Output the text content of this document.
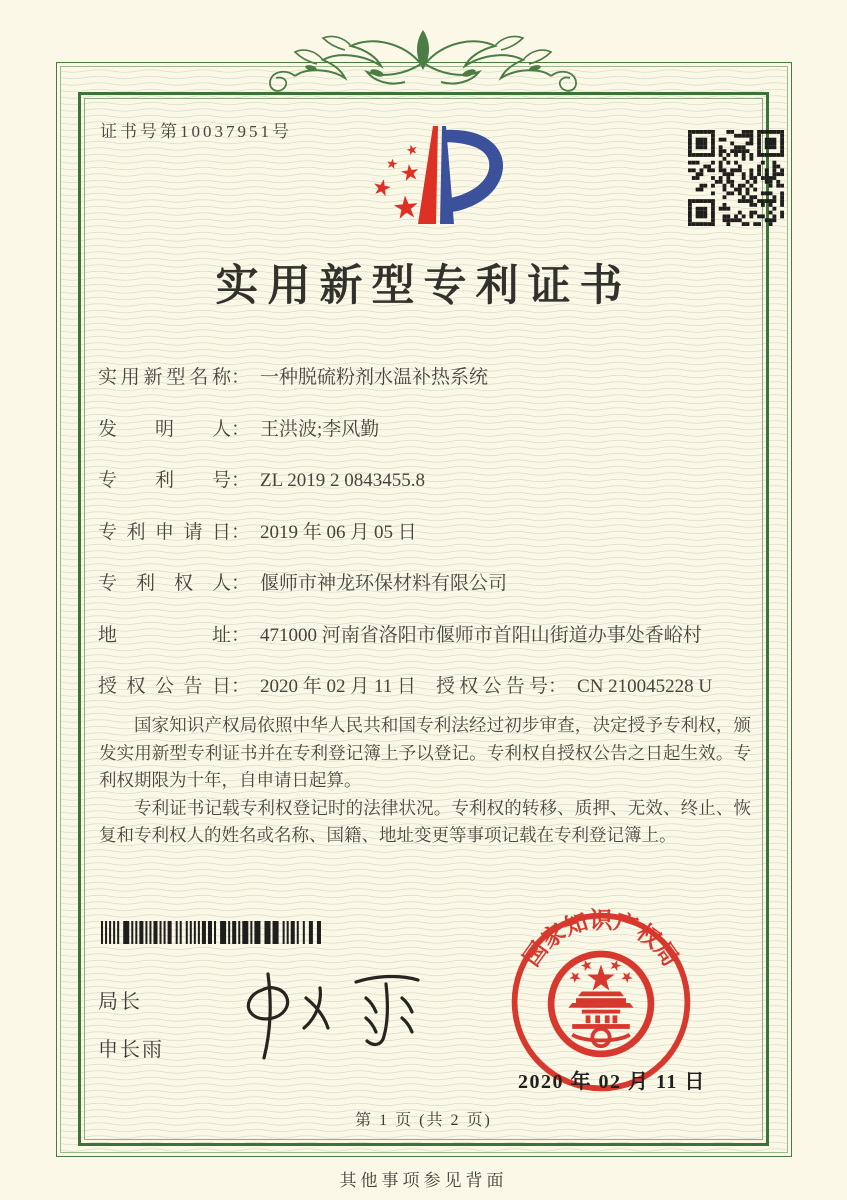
证书号第10037951号
实用新型专利证书
实用新型名称 ： 一种脱硫粉剂水温补热系统
发明人 ： 王洪波;李风勤
专利号 ： ZL 2019 2 0843455.8
专利申请日 ： 2019 年 06 月 05 日
专利权人 ： 偃师市神龙环保材料有限公司
地址 ： 471000 河南省洛阳市偃师市首阳山街道办事处香峪村
授权公告日 ： 2020 年 02 月 11 日 授权公告号 ： CN 210045228 U

国家知识产权局依照中华人民共和国专利法经过初步审查，决定授予专利权，颁发实用新型专利证书并在专利登记簿上予以登记。专利权自授权公告之日起生效。专利权期限为十年，自申请日起算。

专利证书记载专利权登记时的法律状况。专利权的转移、质押、无效、终止、恢复和专利权人的姓名或名称、国籍、地址变更等事项记载在专利登记簿上。

局长
申长雨
国家知识产权局
2020 年 02 月 11 日
第 1 页 (共 2 页)
其他事项参见背面
